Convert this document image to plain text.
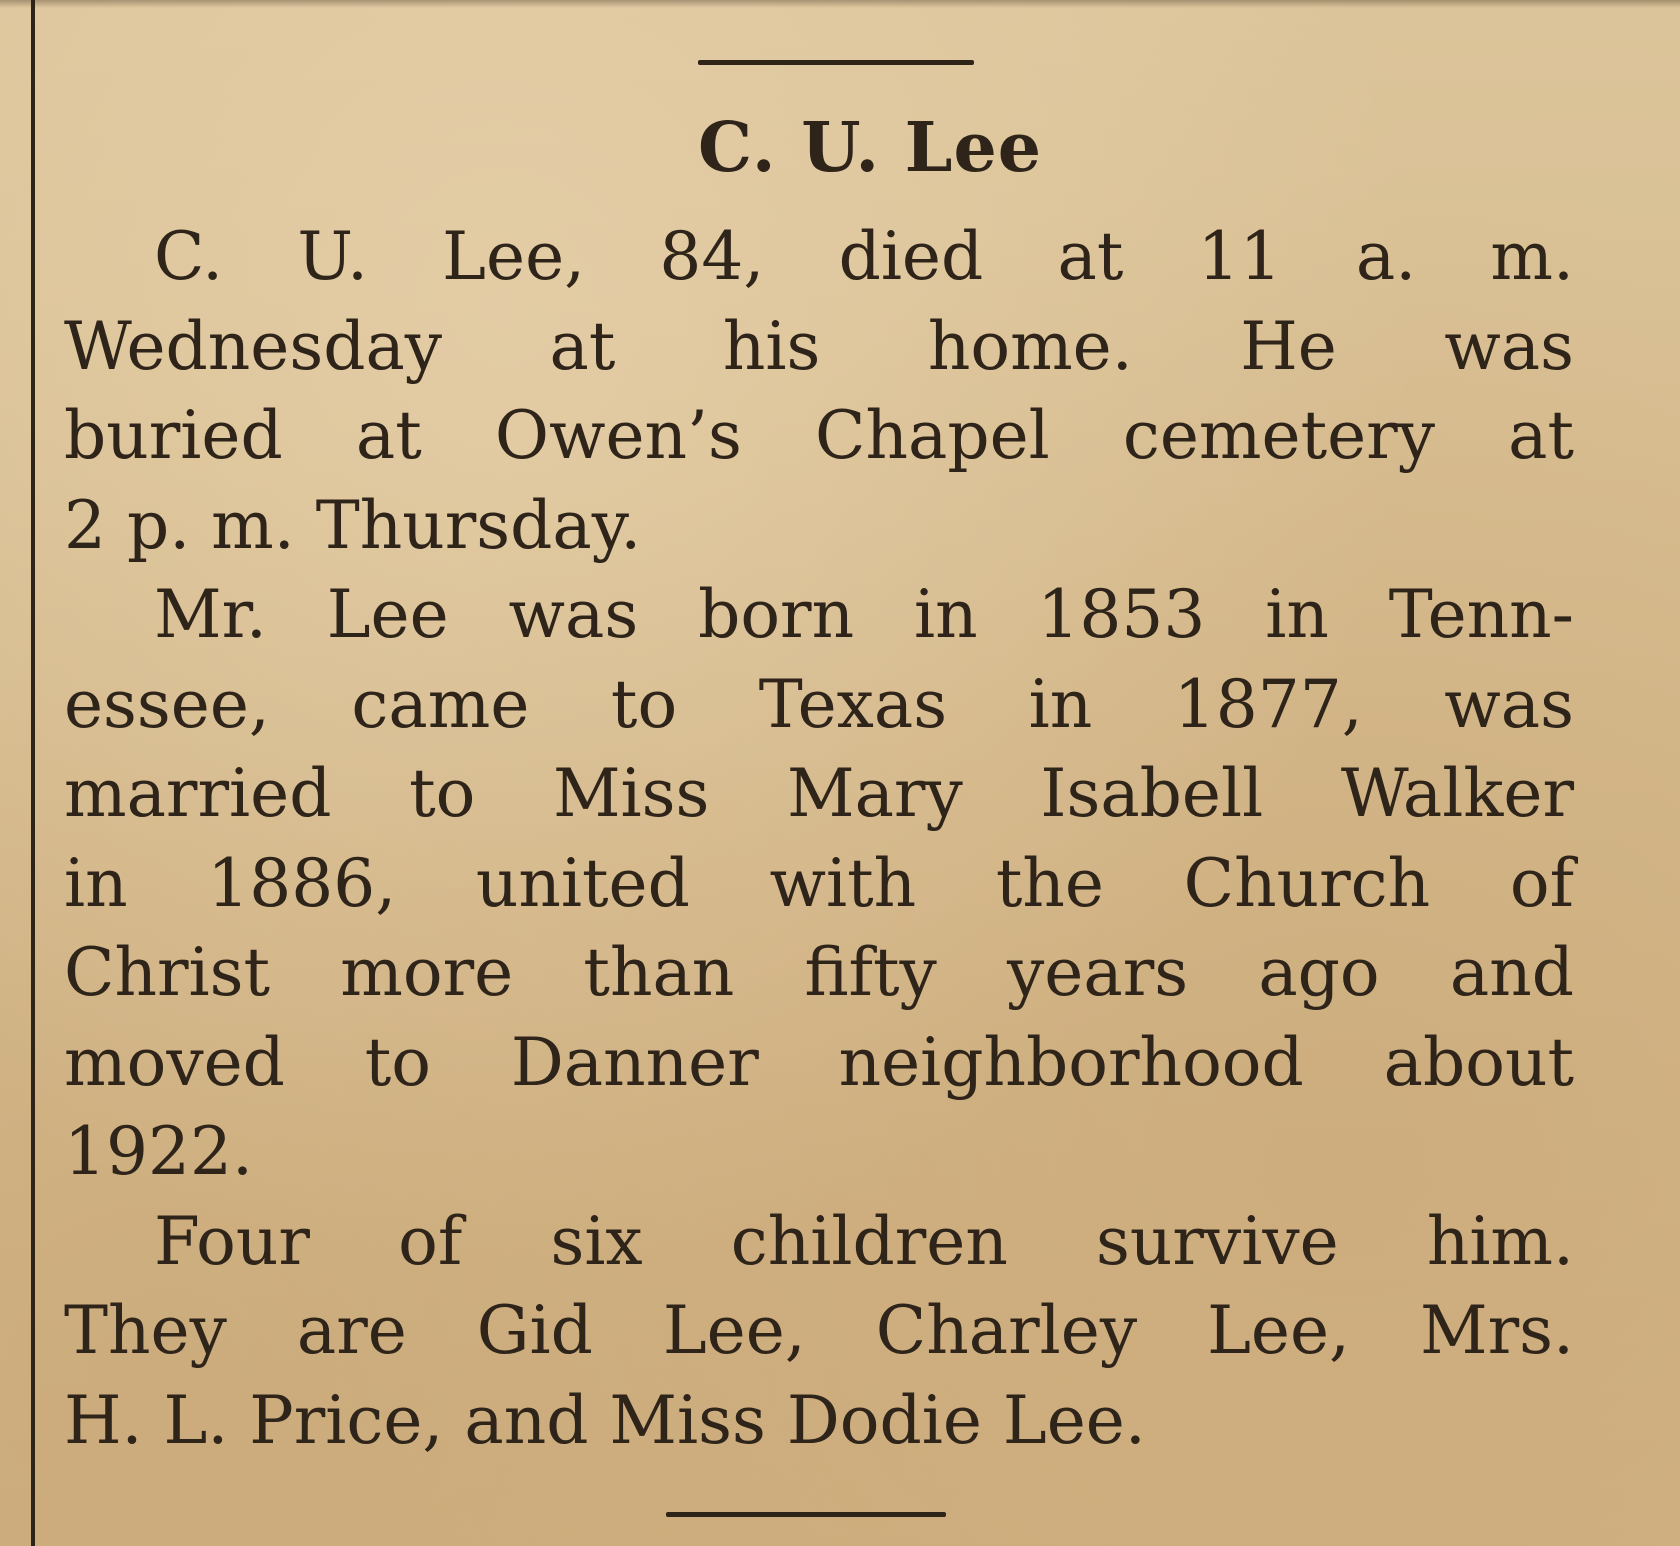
C. U. Lee
C. U. Lee, 84, died at 11 a. m.
Wednesday at his home. He was
buried at Owen’s Chapel cemetery at
2 p. m. Thursday.
Mr. Lee was born in 1853 in Tenn-
essee, came to Texas in 1877, was
married to Miss Mary Isabell Walker
in 1886, united with the Church of
Christ more than fifty years ago and
moved to Danner neighborhood about
1922.
Four of six children survive him.
They are Gid Lee, Charley Lee, Mrs.
H. L. Price, and Miss Dodie Lee.
